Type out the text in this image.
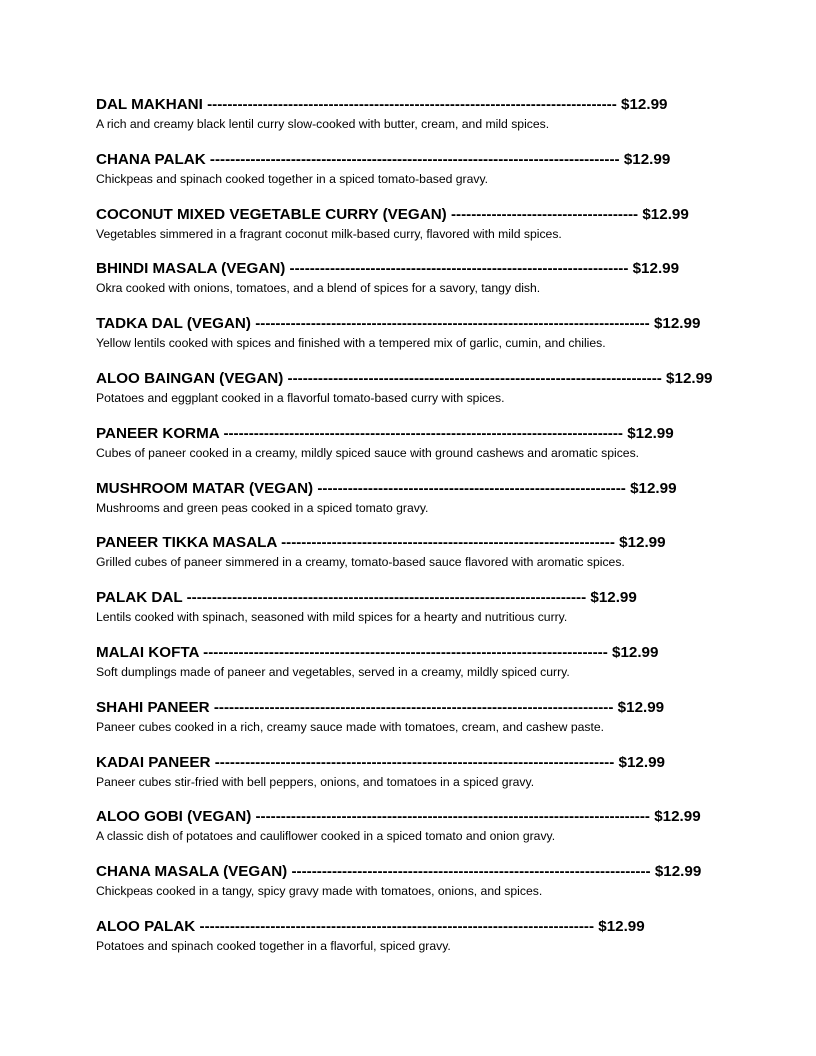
DAL MAKHANI --------------------------------------------------------------------------------- $12.99
A rich and creamy black lentil curry slow-cooked with butter, cream, and mild spices.
CHANA PALAK --------------------------------------------------------------------------------- $12.99
Chickpeas and spinach cooked together in a spiced tomato-based gravy.
COCONUT MIXED VEGETABLE CURRY (VEGAN) ------------------------------------- $12.99
Vegetables simmered in a fragrant coconut milk-based curry, flavored with mild spices.
BHINDI MASALA (VEGAN) ------------------------------------------------------------------- $12.99
Okra cooked with onions, tomatoes, and a blend of spices for a savory, tangy dish.
TADKA DAL (VEGAN) ------------------------------------------------------------------------------ $12.99
Yellow lentils cooked with spices and finished with a tempered mix of garlic, cumin, and chilies.
ALOO BAINGAN (VEGAN) -------------------------------------------------------------------------- $12.99
Potatoes and eggplant cooked in a flavorful tomato-based curry with spices.
PANEER KORMA ------------------------------------------------------------------------------- $12.99
Cubes of paneer cooked in a creamy, mildly spiced sauce with ground cashews and aromatic spices.
MUSHROOM MATAR (VEGAN) ------------------------------------------------------------- $12.99
Mushrooms and green peas cooked in a spiced tomato gravy.
PANEER TIKKA MASALA ------------------------------------------------------------------ $12.99
Grilled cubes of paneer simmered in a creamy, tomato-based sauce flavored with aromatic spices.
PALAK DAL ------------------------------------------------------------------------------- $12.99
Lentils cooked with spinach, seasoned with mild spices for a hearty and nutritious curry.
MALAI KOFTA -------------------------------------------------------------------------------- $12.99
Soft dumplings made of paneer and vegetables, served in a creamy, mildly spiced curry.
SHAHI PANEER ------------------------------------------------------------------------------- $12.99
Paneer cubes cooked in a rich, creamy sauce made with tomatoes, cream, and cashew paste.
KADAI PANEER ------------------------------------------------------------------------------- $12.99
Paneer cubes stir-fried with bell peppers, onions, and tomatoes in a spiced gravy.
ALOO GOBI (VEGAN) ------------------------------------------------------------------------------ $12.99
A classic dish of potatoes and cauliflower cooked in a spiced tomato and onion gravy.
CHANA MASALA (VEGAN) ----------------------------------------------------------------------- $12.99
Chickpeas cooked in a tangy, spicy gravy made with tomatoes, onions, and spices.
ALOO PALAK ------------------------------------------------------------------------------ $12.99
Potatoes and spinach cooked together in a flavorful, spiced gravy.
